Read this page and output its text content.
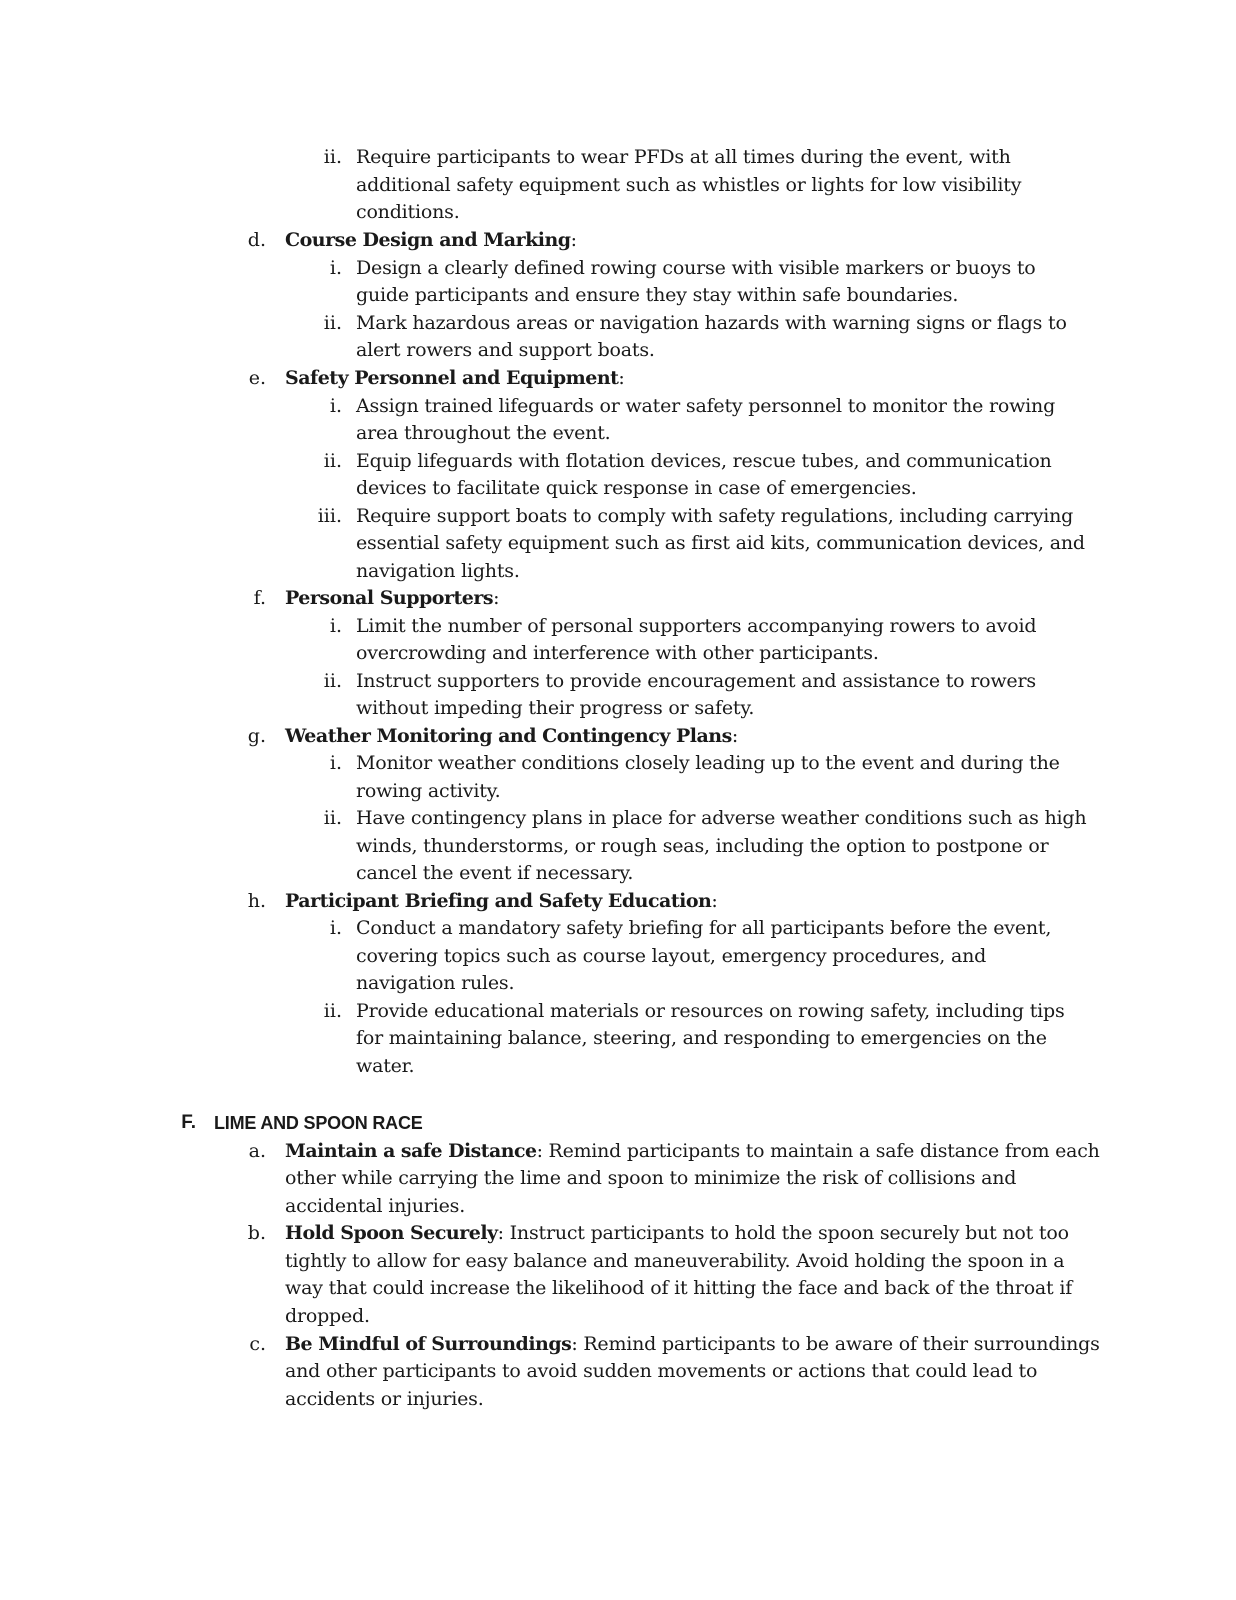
ii. Require participants to wear PFDs at all times during the event, with
additional safety equipment such as whistles or lights for low visibility
conditions.
d. Course Design and Marking:
i. Design a clearly defined rowing course with visible markers or buoys to
guide participants and ensure they stay within safe boundaries.
ii. Mark hazardous areas or navigation hazards with warning signs or flags to
alert rowers and support boats.
e. Safety Personnel and Equipment:
i. Assign trained lifeguards or water safety personnel to monitor the rowing
area throughout the event.
ii. Equip lifeguards with flotation devices, rescue tubes, and communication
devices to facilitate quick response in case of emergencies.
iii. Require support boats to comply with safety regulations, including carrying
essential safety equipment such as first aid kits, communication devices, and
navigation lights.
f. Personal Supporters:
i. Limit the number of personal supporters accompanying rowers to avoid
overcrowding and interference with other participants.
ii. Instruct supporters to provide encouragement and assistance to rowers
without impeding their progress or safety.
g. Weather Monitoring and Contingency Plans:
i. Monitor weather conditions closely leading up to the event and during the
rowing activity.
ii. Have contingency plans in place for adverse weather conditions such as high
winds, thunderstorms, or rough seas, including the option to postpone or
cancel the event if necessary.
h. Participant Briefing and Safety Education:
i. Conduct a mandatory safety briefing for all participants before the event,
covering topics such as course layout, emergency procedures, and
navigation rules.
ii. Provide educational materials or resources on rowing safety, including tips
for maintaining balance, steering, and responding to emergencies on the
water.
F. LIME AND SPOON RACE
a. Maintain a safe Distance: Remind participants to maintain a safe distance from each
other while carrying the lime and spoon to minimize the risk of collisions and
accidental injuries.
b. Hold Spoon Securely: Instruct participants to hold the spoon securely but not too
tightly to allow for easy balance and maneuverability. Avoid holding the spoon in a
way that could increase the likelihood of it hitting the face and back of the throat if
dropped.
c. Be Mindful of Surroundings: Remind participants to be aware of their surroundings
and other participants to avoid sudden movements or actions that could lead to
accidents or injuries.
